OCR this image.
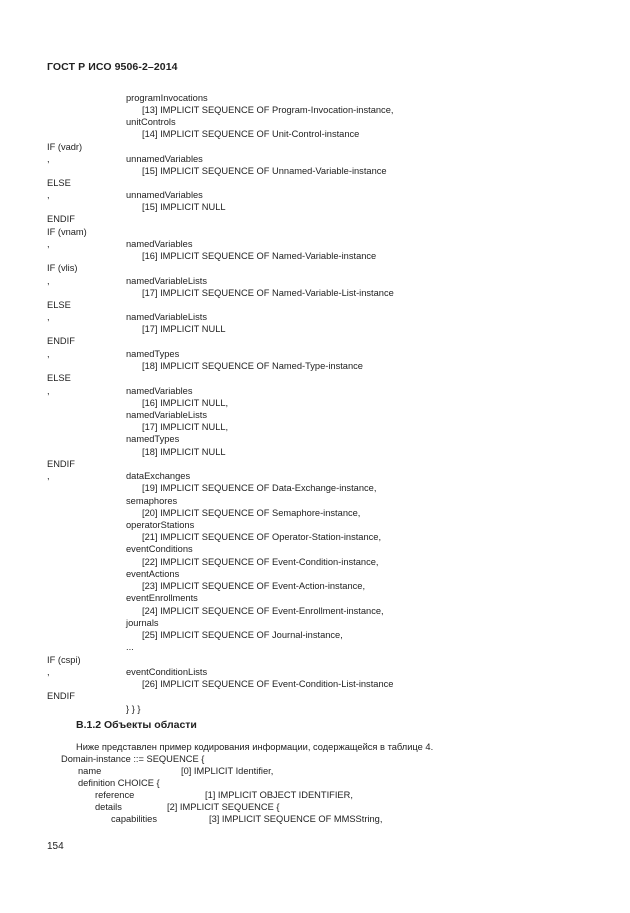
ГОСТ Р ИСО 9506-2–2014
programInvocations
[13] IMPLICIT SEQUENCE OF Program-Invocation-instance,
unitControls
[14] IMPLICIT SEQUENCE OF Unit-Control-instance
IF (vadr)
,	unnamedVariables
[15] IMPLICIT SEQUENCE OF Unnamed-Variable-instance
ELSE
,	unnamedVariables
[15] IMPLICIT NULL
ENDIF
IF (vnam)
,	namedVariables
[16] IMPLICIT SEQUENCE OF Named-Variable-instance
IF (vlis)
,	namedVariableLists
[17] IMPLICIT SEQUENCE OF Named-Variable-List-instance
ELSE
,	namedVariableLists
[17] IMPLICIT NULL
ENDIF
,	namedTypes
[18] IMPLICIT SEQUENCE OF Named-Type-instance
ELSE
,	namedVariables
[16] IMPLICIT NULL,
namedVariableLists
[17] IMPLICIT NULL,
namedTypes
[18] IMPLICIT NULL
ENDIF
,	dataExchanges
[19] IMPLICIT SEQUENCE OF Data-Exchange-instance,
semaphores
[20] IMPLICIT SEQUENCE OF Semaphore-instance,
operatorStations
[21] IMPLICIT SEQUENCE OF Operator-Station-instance,
eventConditions
[22] IMPLICIT SEQUENCE OF Event-Condition-instance,
eventActions
[23] IMPLICIT SEQUENCE OF Event-Action-instance,
eventEnrollments
[24] IMPLICIT SEQUENCE OF Event-Enrollment-instance,
journals
[25] IMPLICIT SEQUENCE OF Journal-instance,
...
IF (cspi)
,	eventConditionLists
[26] IMPLICIT SEQUENCE OF Event-Condition-List-instance
ENDIF
} } }
B.1.2 Объекты области
Ниже представлен пример кодирования информации, содержащейся в таблице 4.
Domain-instance ::= SEQUENCE {
name	[0] IMPLICIT Identifier,
definition CHOICE {
reference	[1] IMPLICIT OBJECT IDENTIFIER,
details	[2] IMPLICIT SEQUENCE {
capabilities	[3] IMPLICIT SEQUENCE OF MMSString,
154
